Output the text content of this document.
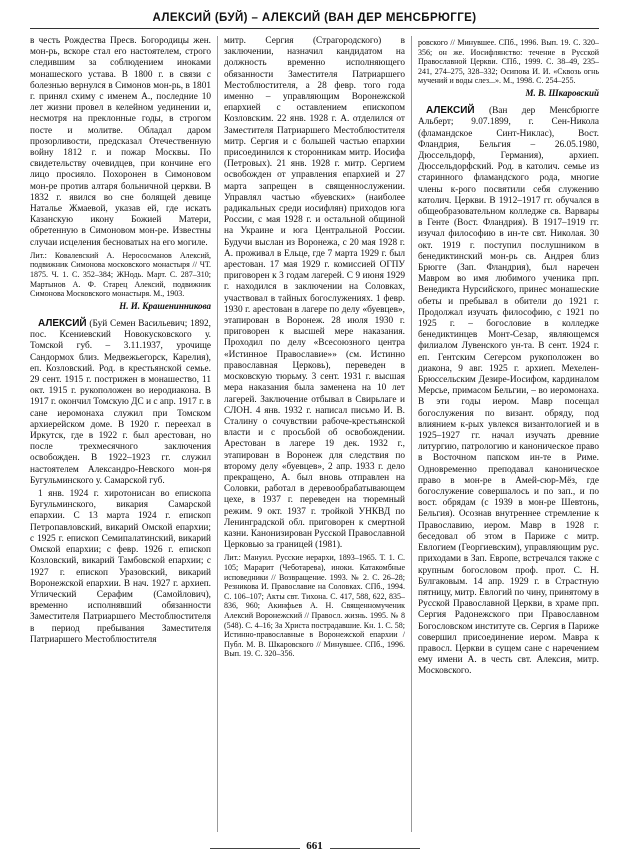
АЛЕКСИЙ (БУЙ) – АЛЕКСИЙ (ВАН ДЕР МЕНСБРЮГГЕ)

в честь Рождества Пресв. Богородицы жен. мон-рь, вскоре стал его настоятелем, строго следившим за соблюдением иноками монашеского устава. В 1800 г. в связи с болезнью вернулся в Симонов мон-рь, в 1801 г. принял схиму с именем А., последние 10 лет жизни провел в келейном уединении и, несмотря на преклонные годы, в строгом посте и молитве. Обладал даром прозорливости, предсказал Отечественную войну 1812 г. и пожар Москвы. По свидетельству очевидцев, при кончине его лицо просияло. Похоронен в Симоновом мон-ре против алтаря больничной церкви. В 1832 г. явился во сне болящей девице Наталье Жмаевой, указав ей, где искать Казанскую икону Божией Матери, обретенную в Симоновом мон-ре. Известны случаи исцеления бесноватых на его могиле.

Лит.: Ковалевский А. Нерососманов Алексий, подвижник Симонова московского монастыря // ЧТ. 1875. Ч. 1. С. 352–384; ЖНодь. Март. С. 287–310; Мартынов А. Ф. Старец Алексий, подвижник Симонова Московского монастыря. М., 1903.

Н. И. Крашенинникова

АЛЕКСИЙ (Буй Семен Васильевич; 1892, пос. Ксениевский Новокусковского у. Томской губ. – 3.11.1937, урочище Сандормох близ. Медвежьегорск, Карелия), еп. Козловский. Род. в крестьянской семье. 29 сент. 1915 г. пострижен в монашество, 11 окт. 1915 г. рукоположен во иеродиакона. В 1917 г. окончил Томскую ДС и с апр. 1917 г. в сане иеромонаха служил при Томском архиерейском доме. В 1920 г. переехал в Иркутск, где в 1922 г. был арестован, но после трехмесячного заключения освобожден. В 1922–1923 гг. служил настоятелем Александро-Невского мон-ря Бугульминского у. Самарской губ.

1 янв. 1924 г. хиротонисан во епископа Бугульминского, викария Самарской епархии. С 13 марта 1924 г. епископ Петропавловский, викарий Омской епархии; с 1925 г. епископ Семипалатинский, викарий Омской епархии; с февр. 1926 г. епископ Козловский, викарий Тамбовской епархии; с 1927 г. епископ Уразовский, викарий Воронежской епархии. В нач. 1927 г. архиеп. Углический Серафим (Самойлович), временно исполнявший обязанности Заместителя Патриаршего Местоблюстителя в период пребывания Заместителя Патриаршего Местоблюстителя

митр. Сергия (Страгородского) в заключении, назначил кандидатом на должность временно исполняющего обязанности Заместителя Патриаршего Местоблюстителя, а 28 февр. того года именно – управляющим Воронежской епархией с оставлением епископом Козловским. 22 янв. 1928 г. А. отделился от Заместителя Патриаршего Местоблюстителя митр. Сергия и с большей частью епархии присоединился к сторонникам митр. Иосифа (Петровых). 21 янв. 1928 г. митр. Сергием освобожден от управления епархией и 27 марта запрещен в священнослужении. Управлял частью «буевских» (наиболее радикальных среди иосифлян) приходов юга России, с мая 1928 г. и остальной общиной на Украине и юга Центральной России. Будучи выслан из Воронежа, с 20 мая 1928 г. А. проживал в Ельце, где 7 марта 1929 г. был арестован. 17 мая 1929 г. комиссией ОГПУ приговорен к 3 годам лагерей. С 9 июня 1929 г. находился в заключении на Соловках, участвовал в тайных богослужениях. 1 февр. 1930 г. арестован в лагере по делу «буевцев», этапирован в Воронеж. 28 июля 1930 г. приговорен к высшей мере наказания. Проходил по делу «Всесоюзного центра «Истинное Православие»» (см. Истинно православная Церковь), переведен в московскую тюрьму. 3 сент. 1931 г. высшая мера наказания была заменена на 10 лет лагерей. Заключение отбывал в Свирьлаге и СЛОН. 4 янв. 1932 г. написал письмо И. В. Сталину о сочувствии рабоче-крестьянской власти и с просьбой об освобождении. Арестован в лагере 19 дек. 1932 г., этапирован в Воронеж для следствия по второму делу «буевцев», 2 апр. 1933 г. дело прекращено, А. был вновь отправлен на Соловки, работал в деревообрабатывающем цехе, в 1937 г. переведен на тюремный режим. 9 окт. 1937 г. тройкой УНКВД по Ленинградской обл. приговорен к смертной казни. Канонизирован Русской Православной Церковью за границей (1981).

Лит.: Мануил. Русские иерархи, 1893–1965. Т. 1. С. 105; Марарит (Чеботарева), иноки. Катакомбные исповедники // Возвращение. 1993. № 2. С. 26–28; Резникова И. Православие на Соловках. СПб., 1994. С. 106–107; Акты свт. Тихона. С. 417, 588, 622, 835–836, 960; Акинфьев А. Н. Священномученик Алексий Воронежский // Правосл. жизнь. 1995. № 8 (548). С. 4–16; За Христа пострадавшие. Кн. 1. С. 58; Истинно-православные в Воронежской епархии / Публ. М. В. Шкаровского // Минувшее. СПб., 1996. Вып. 19. С. 320–356.

ровского // Минувшее. СПб., 1996. Вып. 19. С. 320–356; он же. Иосифлянство: течение в Русской Православной Церкви. СПб., 1999. С. 38–49, 235–241, 274–275, 328–332; Осипова И. И. «Сквозь огнь мучений и воды слез...». М., 1998. С. 254–255.

М. В. Шкаровский

АЛЕКСИЙ (Ван дер Менсбрюгге Альберт; 9.07.1899, г. Сен-Никола (фламандское Синт-Никлас), Вост. Фландрия, Бельгия – 26.05.1980, Дюссельдорф, Германия), архиеп. Дюссельдорфский. Род. в католич. семье из старинного фламандского рода, многие члены к-рого посвятили себя служению католич. Церкви. В 1912–1917 гг. обучался в общеобразовательном колледже св. Варвары в Генте (Вост. Фландрия). В 1917–1919 гг. изучал философию в ин-те свт. Николая. 30 окт. 1919 г. поступил послушником в бенедиктинский мон-рь св. Андрея близ Брюгге (Зап. Фландрия), был наречен Мавром во имя любимого ученика прп. Венедикта Нурсийского, принес монашеские обеты и пребывал в обители до 1921 г. Продолжал изучать философию, с 1921 по 1925 г. – богословие в колледже бенедиктинцев Монт-Сезар, являющемся филиалом Лувенского ун-та. В сент. 1924 г. еп. Гентским Сегерсом рукоположен во диакона, 9 авг. 1925 г. архиеп. Мехелен-Брюссельским Дезире-Иосифом, кардиналом Мерсье, примасом Бельгии, – во иеромонаха. В эти годы иером. Мавр посещал богослужения по визант. обряду, под влиянием к-рых увлекся византологией и в 1925–1927 гг. начал изучать древние литургию, патрологию и каноническое право в Восточном папском ин-те в Риме. Одновременно преподавал каноническое право в мон-ре в Амей-сюр-Мёз, где богослужение совершалось и по зап., и по вост. обрядам (с 1939 в мон-ре Шевтонь, Бельгия). Осознав внутреннее стремление к Православию, иером. Мавр в 1928 г. беседовал об этом в Париже с митр. Евлогием (Георгиевским), управляющим рус. приходами в Зап. Европе, встречался также с крупным богословом проф. прот. С. Н. Булгаковым. 14 апр. 1929 г. в Страстную пятницу, митр. Евлогий по чину, принятому в Русской Православной Церкви, в храме прп. Сергия Радонежского при Православном Богословском институте св. Сергия в Париже совершил присоединение иером. Мавра к правосл. Церкви в сущем сане с наречением ему имени А. в честь свт. Алексия, митр. Московского.

661
